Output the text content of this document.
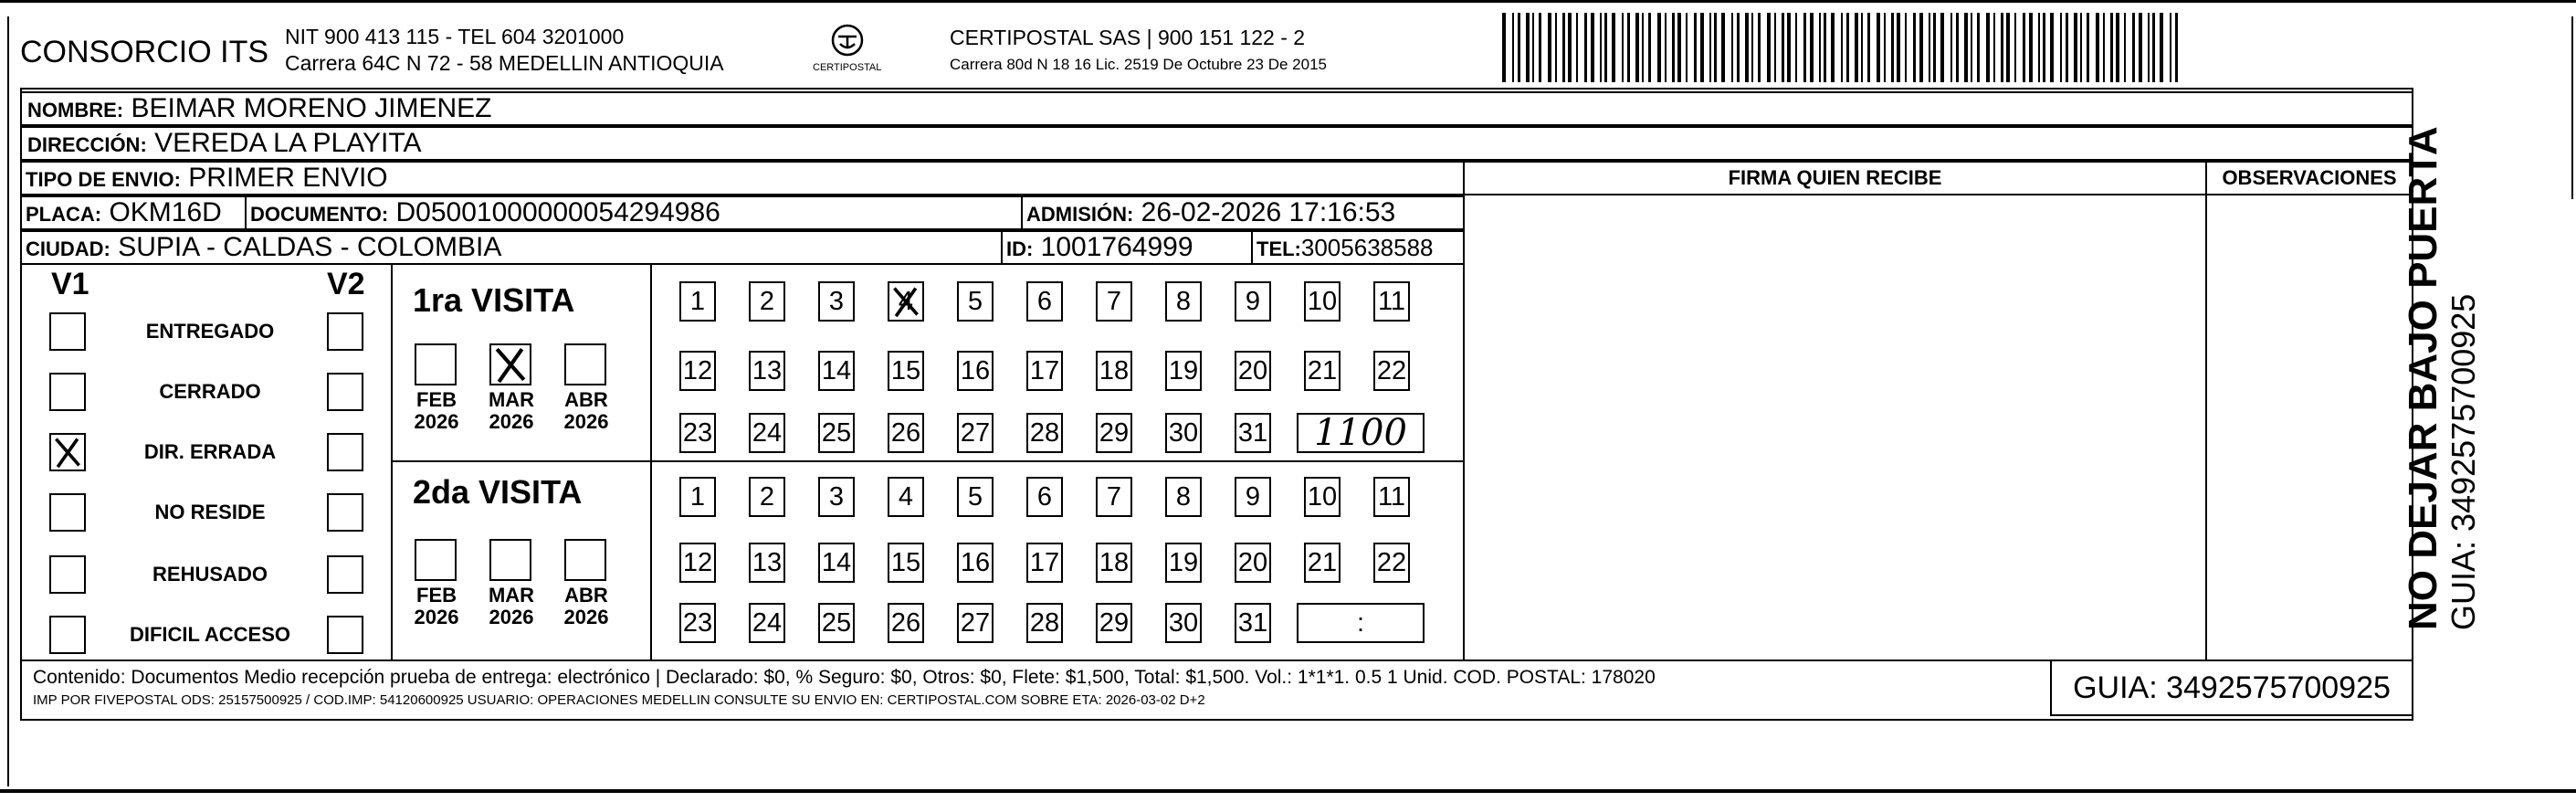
CONSORCIO ITS NIT 900 413 115 - TEL 604 3201000
Carrera 64C N 72 - 58 MEDELLIN ANTIOQUIA	CERTIPOSTAL
CERTIPOSTAL SAS | 900 151 122 - 2
Carrera 80d N 18 16 Lic. 2519 De Octubre 23 De 2015
NOMBRE: BEIMAR MORENO JIMENEZ
DIRECCIÓN: VEREDA LA PLAYITA
TIPO DE ENVIO: PRIMER ENVIO	FIRMA QUIEN RECIBE	OBSERVACIONES
PLACA: OKM16D	DOCUMENTO: D05001000000054294986	ADMISIÓN: 26-02-2026 17:16:53
CIUDAD: SUPIA - CALDAS - COLOMBIA	ID: 1001764999	TEL:3005638588
V1	V2
ENTREGADO
CERRADO
DIR. ERRADA
NO RESIDE
REHUSADO
DIFICIL ACCESO
1ra VISITA
2da VISITA
FEB
2026
MAR
2026
ABR
2026
FEB
2026
MAR
2026
ABR
2026
1	2	3	4	5	6	7	8	9	10 11
12 13 14 15 16 17 18 19 20 21 22
23 24 25 26 27 28 29 30 31	1100
1	2	3	4	5	6	7	8	9	10 11
12 13 14 15 16 17 18 19 20 21 22
23 24 25 26 27 28 29 30 31	:
Contenido: Documentos Medio recepción prueba de entrega: electrónico | Declarado: $0, % Seguro: $0, Otros: $0, Flete: $1,500, Total: $1,500. Vol.: 1*1*1. 0.5 1 Unid. COD. POSTAL: 178020
IMP POR FIVEPOSTAL ODS: 25157500925 / COD.IMP: 54120600925 USUARIO: OPERACIONES MEDELLIN CONSULTE SU ENVIO EN: CERTIPOSTAL.COM SOBRE ETA: 2026-03-02 D+2	GUIA: 3492575700925
NO DEJAR BAJO PUERTA GUIA: 3492575700925
